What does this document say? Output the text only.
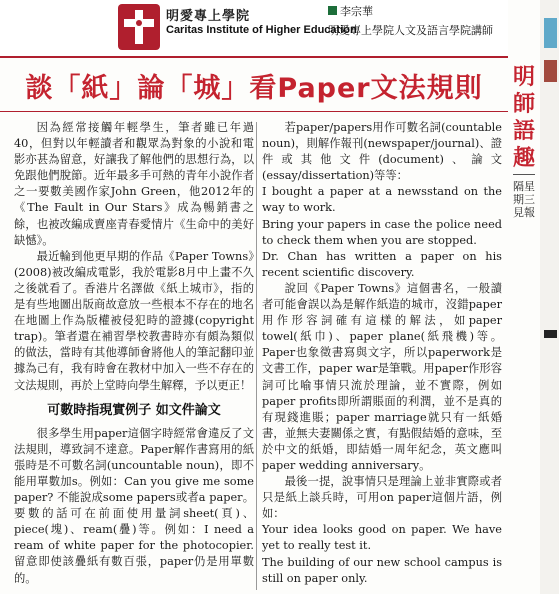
明愛專上學院
Caritas Institute of Higher Education
李宗華
明愛專上學院人文及語言學院講師
談「紙」論「城」看Paper文法規則	明
師
語
趣
隔星期三見報

因為經常接觸年輕學生，筆者雖已年過40，但對以年輕讀者和觀眾為對象的小說和電影亦甚為留意，好讓我了解他們的思想行為，以免跟他們脫節。近年最多手可熱的青年小說作者之一要數美國作家John Green，他2012年的《The Fault in Our Stars》成為暢銷書之餘，也被改編成賣座青春愛情片《生命中的美好缺憾》。

最近輪到他更早期的作品《Paper Towns》(2008)被改編成電影，我於電影8月中上畫不久之後就看了。香港片名譯做《紙上城市》，指的是有些地圖出版商故意放一些根本不存在的地名在地圖上作為版權被侵犯時的證據(copyright trap)。筆者還在補習學校教書時亦有頗為類似的做法，當時有其他導師會將他人的筆記翻印並據為己有，我有時會在教材中加入一些不存在的文法規則，再於上堂時向學生解釋，予以更正！

可數時指現實例子 如文件論文

很多學生用paper這個字時經常會違反了文法規則，導致詞不達意。Paper解作書寫用的紙張時是不可數名詞(uncountable noun)，即不能用單數加s。例如：Can you give me some paper? 不能說成some papers或者a paper。要數的話可在前面使用量詞sheet(頁)、piece(塊)、ream(疊)等。例如：I need a ream of white paper for the photocopier. 留意即使該疊紙有數百張，paper仍是用單數的。

若paper/papers用作可數名詞(countable noun)，則解作報刊(newspaper/journal)、證件或其他文件(document)、論文(essay/dissertation)等等：

I bought a paper at a newsstand on the way to work.

Bring your papers in case the police need to check them when you are stopped.

Dr. Chan has written a paper on his recent scientific discovery.

說回《Paper Towns》這個書名，一般讀者可能會誤以為是解作紙造的城市，沒錯paper用作形容詞確有這樣的解法，如paper towel(紙巾)、paper plane(紙飛機)等。Paper也象徵書寫與文字，所以paperwork是文書工作，paper war是筆戰。用paper作形容詞可比喻事情只流於理論，並不實際，例如paper profits即所謂賬面的利潤，並不是真的有現錢進賬；paper marriage就只有一紙婚書，並無夫妻關係之實，有點假結婚的意味，至於中文的紙婚，即結婚一周年紀念，英文應叫paper wedding anniversary。

最後一提，說事情只是理論上並非實際或者只是紙上談兵時，可用on paper這個片語，例如：

Your idea looks good on paper. We have yet to really test it.

The building of our new school campus is still on paper only.
